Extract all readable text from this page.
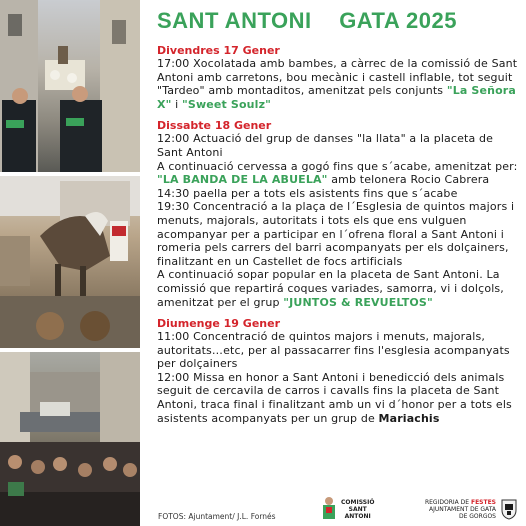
SANT ANTONI GATA 2025
Divendres 17 Gener
17:00 Xocolatada amb bambes, a càrrec de la comissió de Sant Antoni amb carretons, bou mecànic i castell inflable, tot seguit "Tardeo" amb montaditos, amenitzat pels conjunts "La Señora X" i "Sweet Soulz"
Dissabte 18 Gener
12:00 Actuació del grup de danses "la llata" a la placeta de Sant Antoni
A continuació cervessa a gogó fins que s´acabe, amenitzat per: "LA BANDA DE LA ABUELA" amb telonera Rocio Cabrera
14:30 paella per a tots els asistents fins que s´acabe
19:30 Concentració a la plaça de l´Esglesia de quintos majors i menuts, majorals, autoritats i tots els que ens vulguen acompanyar per a participar en l´ofrena floral a Sant Antoni i romeria pels carrers del barri acompanyats per els dolçainers, finalitzant en un Castellet de focs artificials
A continuació sopar popular en la placeta de Sant Antoni. La comissió que repartirá coques variades, samorra, vi i dolçols, amenitzat per el grup "JUNTOS & REVUELTOS"
Diumenge 19 Gener
11:00 Concentració de quintos majors i menuts, majorals, autoritats…etc, per al passacarrer fins l'esglesia acompanyats per dolçainers
12:00 Missa en honor a Sant Antoni i benedicció dels animals seguit de cercavila de carros i cavalls fins la placeta de Sant Antoni, traca final i finalitzant amb un vi d´honor per a tots els asistents acompanyats per un grup de Mariachis
FOTOS: Ajuntament/ J.L. Fornés
COMISSIÓ
SANT
ANTONI
REGIDORIA DE FESTES
AJUNTAMENT DE GATA
DE GORGOS
